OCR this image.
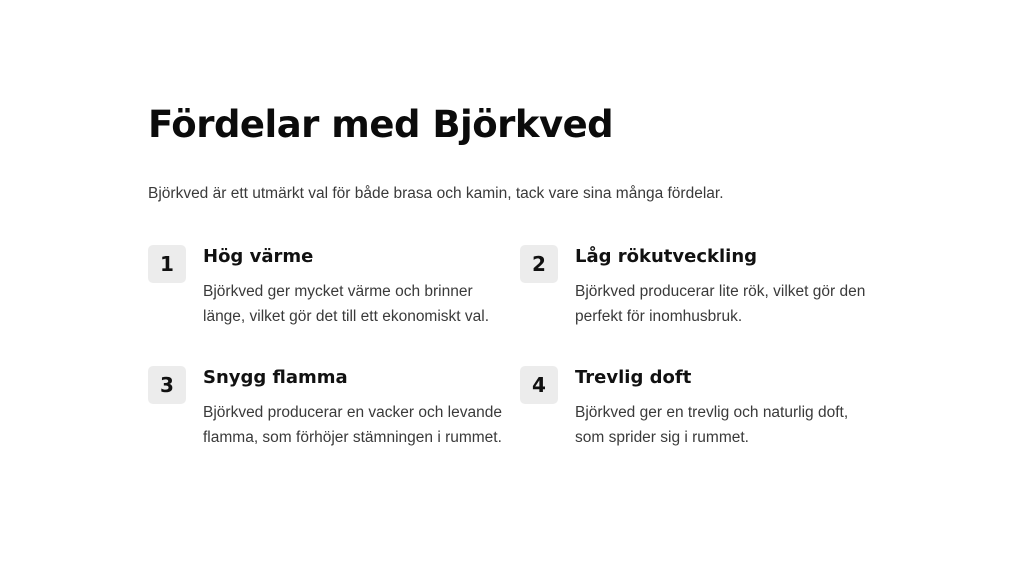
Fördelar med Björkved

Björkved är ett utmärkt val för både brasa och kamin, tack vare sina många fördelar.

1	Hög värme

Björkved ger mycket värme och brinner länge, vilket gör det till ett ekonomiskt val.

2	Låg rökutveckling

Björkved producerar lite rök, vilket gör den perfekt för inomhusbruk.

3	Snygg flamma

Björkved producerar en vacker och levande flamma, som förhöjer stämningen i rummet.

4	Trevlig doft

Björkved ger en trevlig och naturlig doft, som sprider sig i rummet.
